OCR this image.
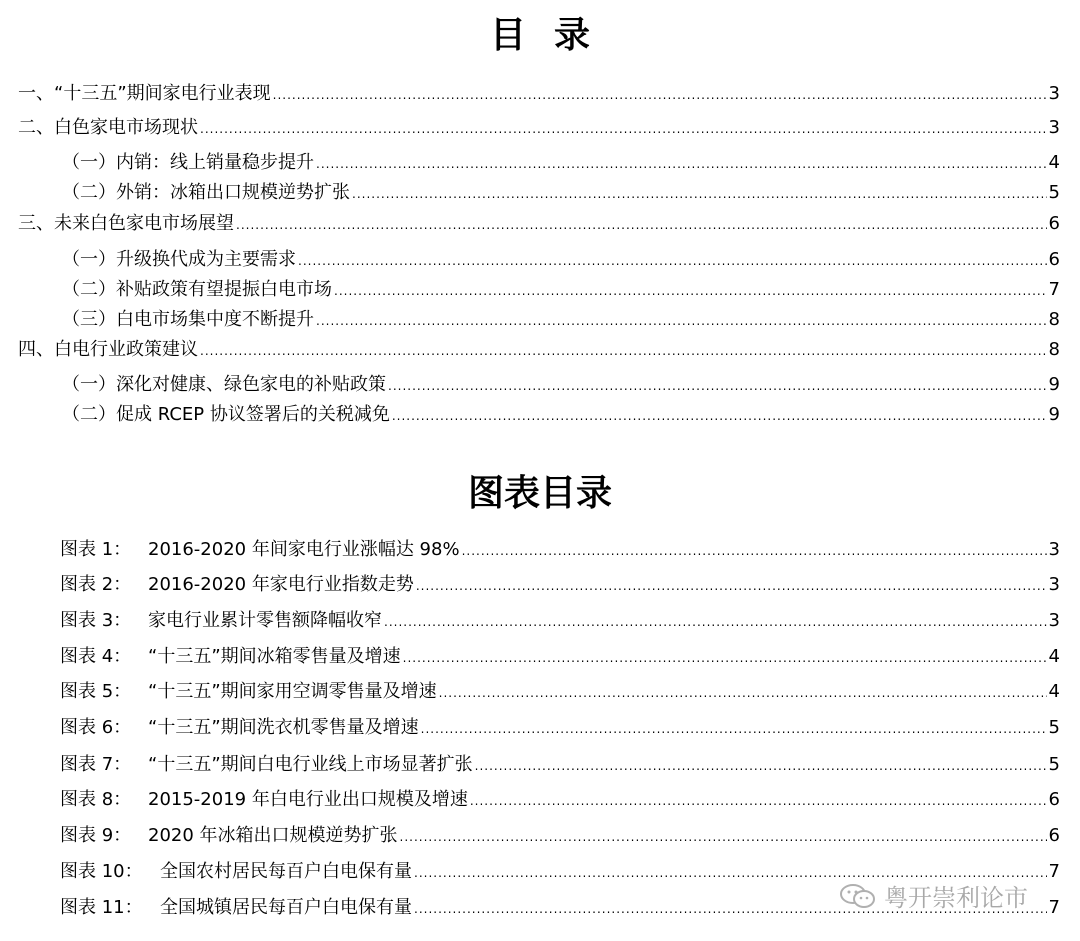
目录
一、“十三五”期间家电行业表现 .....	3
二、白色家电市场现状 .....	3
（一）内销：线上销量稳步提升 .....	4
（二）外销：冰箱出口规模逆势扩张 .....	5
三、未来白色家电市场展望 .....	6
（一）升级换代成为主要需求 .....	6
（二）补贴政策有望提振白电市场 .....	7
（三）白电市场集中度不断提升 .....	8
四、白电行业政策建议 .....	8
（一）深化对健康、绿色家电的补贴政策 .....	9
（二）促成 RCEP 协议签署后的关税减免 .....	9
图表目录
图表 1： 2016-2020 年间家电行业涨幅达 98% .....	3
图表 2： 2016-2020 年家电行业指数走势 .....	3
图表 3： 家电行业累计零售额降幅收窄 .....	3
图表 4： “十三五”期间冰箱零售量及增速 .....	4
图表 5： “十三五”期间家用空调零售量及增速 .....	4
图表 6： “十三五”期间洗衣机零售量及增速 .....	5
图表 7： “十三五”期间白电行业线上市场显著扩张 .....	5
图表 8： 2015-2019 年白电行业出口规模及增速 .....	6
图表 9： 2020 年冰箱出口规模逆势扩张 .....	6
图表 10： 全国农村居民每百户白电保有量 .....	7
图表 11： 全国城镇居民每百户白电保有量 .....	7
粤开崇利论市
